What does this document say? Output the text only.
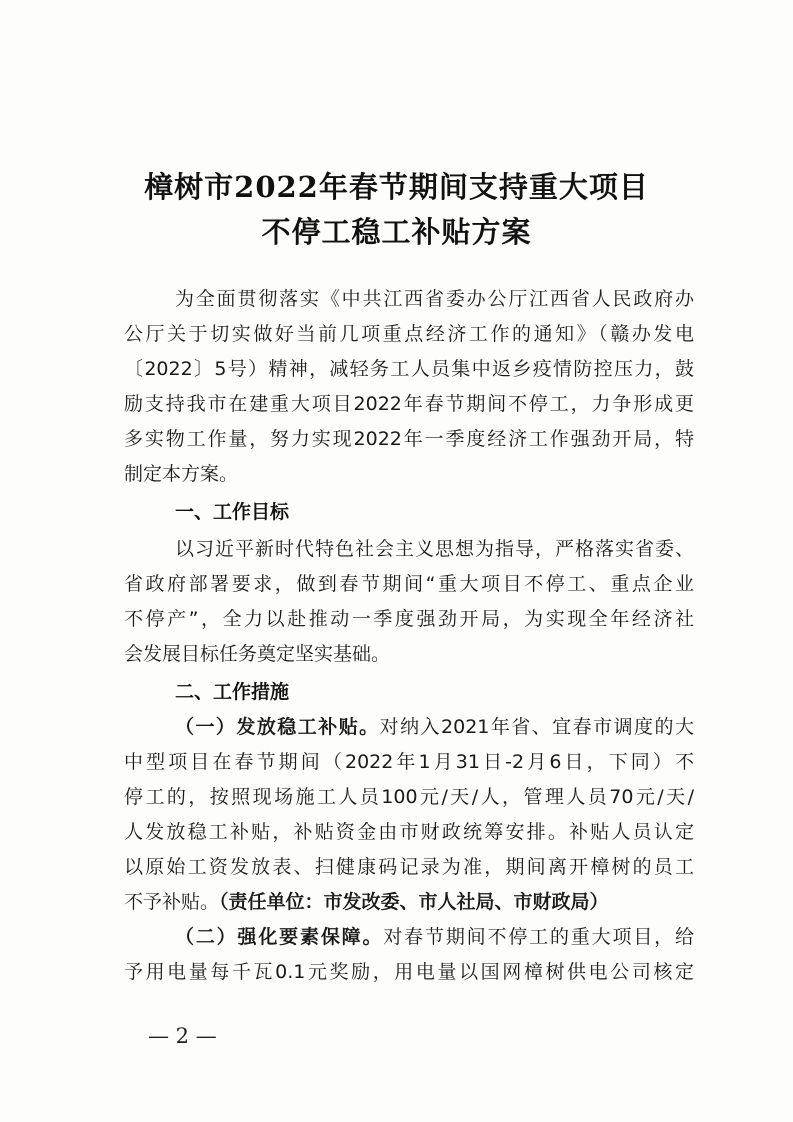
樟树市2022年春节期间支持重大项目
不停工稳工补贴方案
为全面贯彻落实《中共江西省委办公厅江西省人民政府办
公厅关于切实做好当前几项重点经济工作的通知》（赣办发电
〔2022〕5号）精神，减轻务工人员集中返乡疫情防控压力，鼓
励支持我市在建重大项目2022年春节期间不停工，力争形成更
多实物工作量，努力实现2022年一季度经济工作强劲开局，特
制定本方案。
一、工作目标
以习近平新时代特色社会主义思想为指导，严格落实省委、
省政府部署要求，做到春节期间“重大项目不停工、重点企业
不停产”，全力以赴推动一季度强劲开局，为实现全年经济社
会发展目标任务奠定坚实基础。
二、工作措施
（一）发放稳工补贴。对纳入2021年省、宜春市调度的大
中型项目在春节期间（2022年1月31日-2月6日，下同）不
停工的，按照现场施工人员100元/天/人，管理人员70元/天/
人发放稳工补贴，补贴资金由市财政统筹安排。补贴人员认定
以原始工资发放表、扫健康码记录为准，期间离开樟树的员工
不予补贴。（责任单位：市发改委、市人社局、市财政局）
（二）强化要素保障。对春节期间不停工的重大项目，给
予用电量每千瓦0.1元奖励，用电量以国网樟树供电公司核定
— 2 —
